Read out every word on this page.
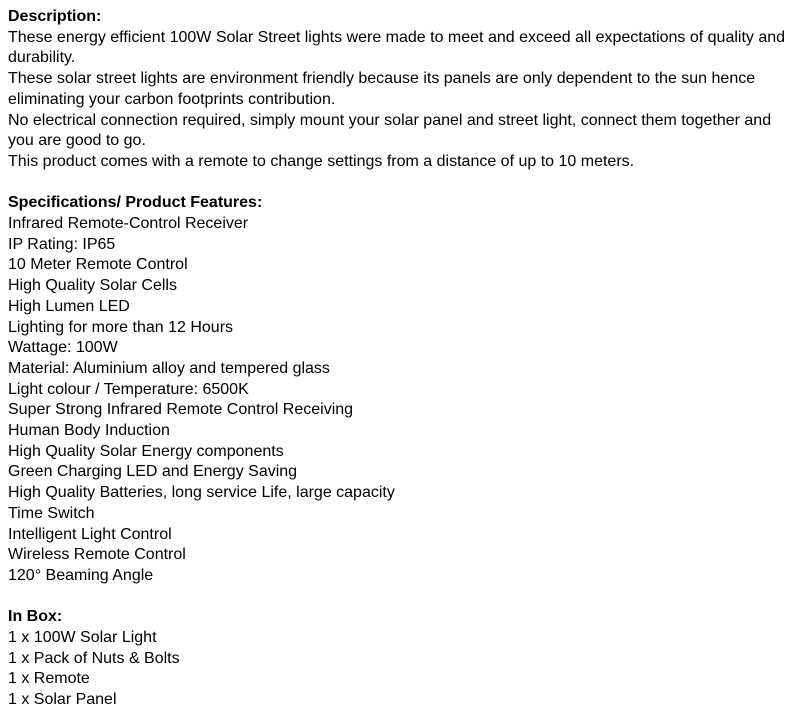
Description:

These energy efficient 100W Solar Street lights were made to meet and exceed all expectations of quality and durability.

These solar street lights are environment friendly because its panels are only dependent to the sun hence eliminating your carbon footprints contribution.

No electrical connection required, simply mount your solar panel and street light, connect them together and you are good to go.

This product comes with a remote to change settings from a distance of up to 10 meters.

Specifications/ Product Features:

Infrared Remote-Control Receiver
IP Rating: IP65
10 Meter Remote Control
High Quality Solar Cells
High Lumen LED
Lighting for more than 12 Hours
Wattage: 100W
Material: Aluminium alloy and tempered glass
Light colour / Temperature: 6500K
Super Strong Infrared Remote Control Receiving
Human Body Induction
High Quality Solar Energy components
Green Charging LED and Energy Saving
High Quality Batteries, long service Life, large capacity
Time Switch
Intelligent Light Control
Wireless Remote Control
120° Beaming Angle

In Box:

1 x 100W Solar Light
1 x Pack of Nuts & Bolts
1 x Remote
1 x Solar Panel
